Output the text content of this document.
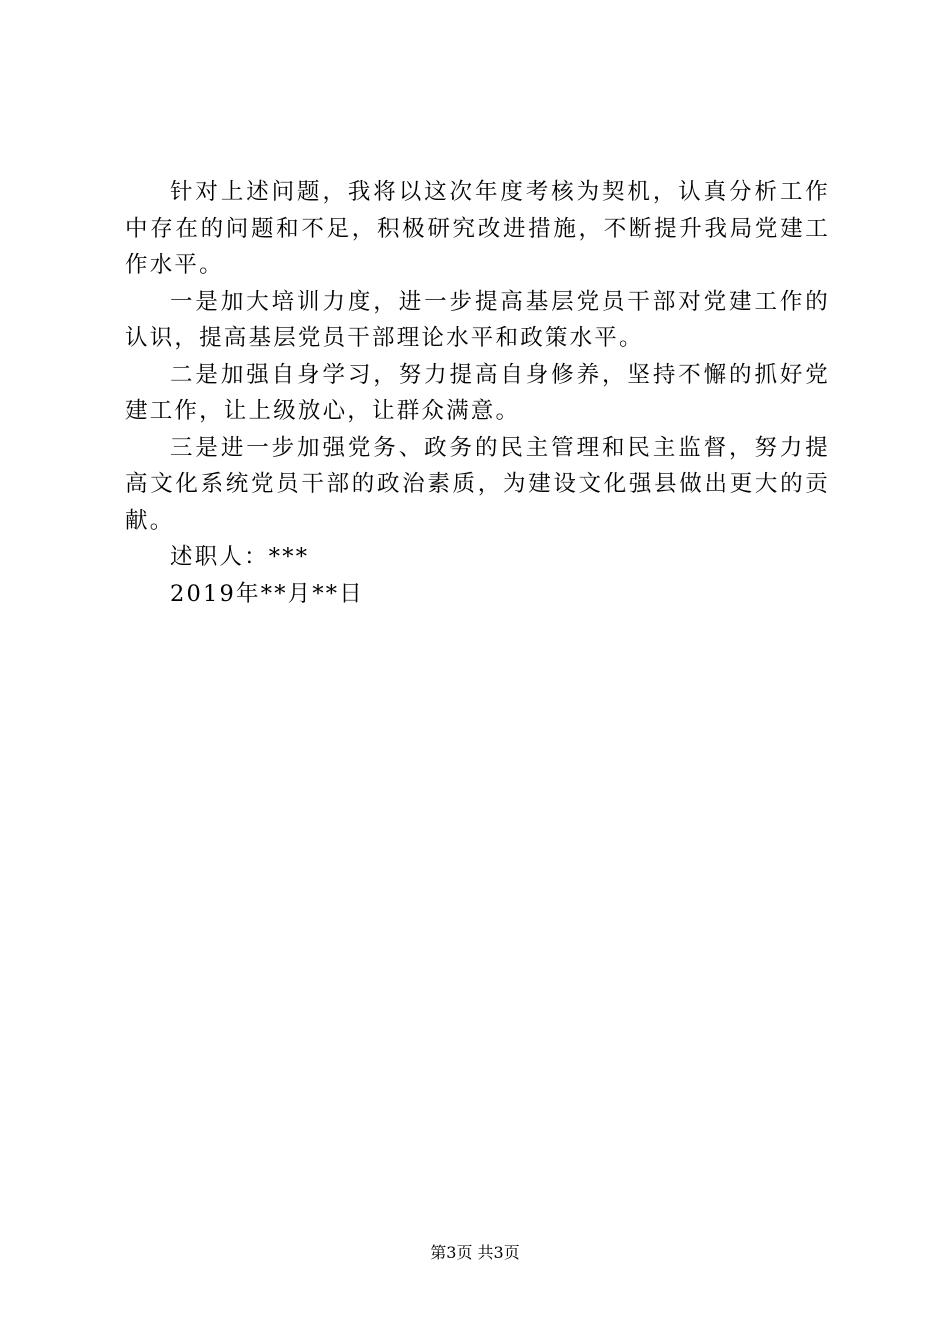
针对上述问题，我将以这次年度考核为契机，认真分析工作中存在的问题和不足，积极研究改进措施，不断提升我局党建工作水平。

一是加大培训力度，进一步提高基层党员干部对党建工作的认识，提高基层党员干部理论水平和政策水平。

二是加强自身学习，努力提高自身修养，坚持不懈的抓好党建工作，让上级放心，让群众满意。

三是进一步加强党务、政务的民主管理和民主监督，努力提高文化系统党员干部的政治素质，为建设文化强县做出更大的贡献。

述职人：***

2019年**月**日

第3页 共3页
